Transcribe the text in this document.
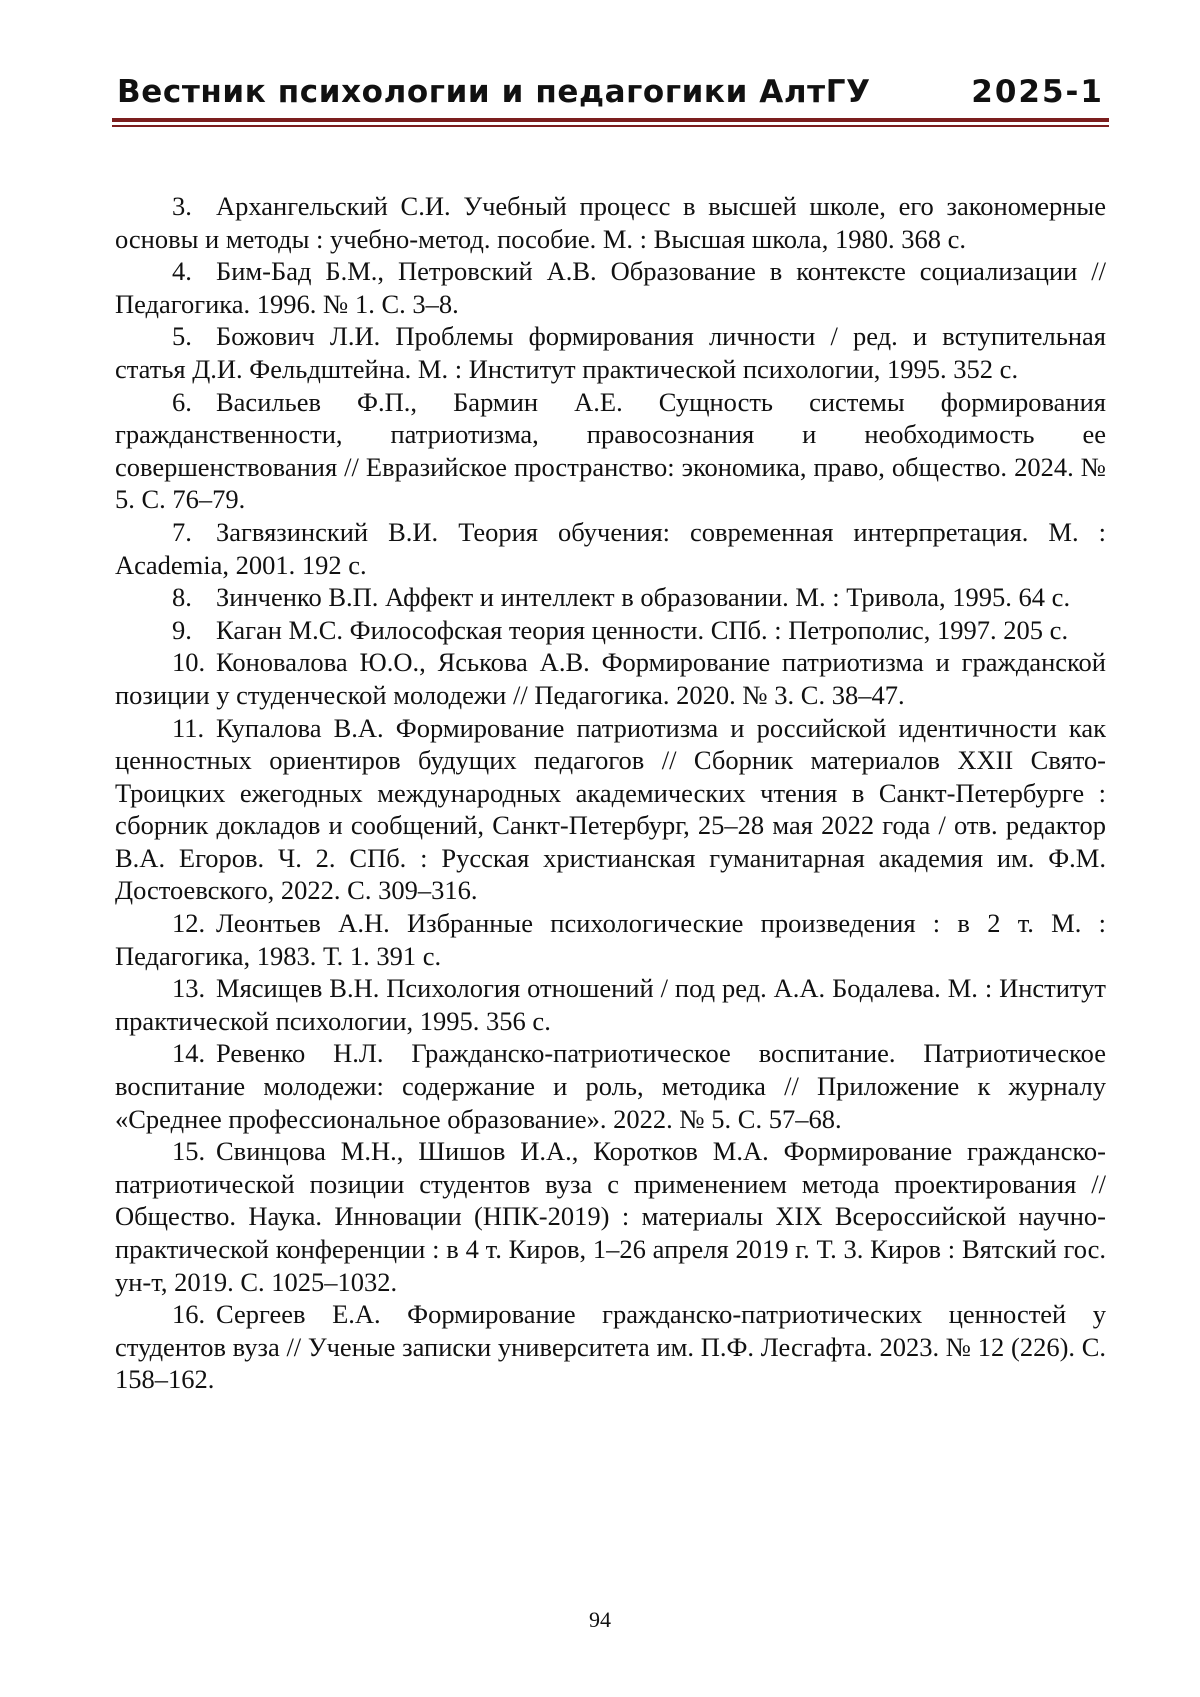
Вестник психологии и педагогики АлтГУ	2025-1
3. Архангельский С.И. Учебный процесс в высшей школе, его закономерные основы и методы : учебно-метод. пособие. М. : Высшая школа, 1980. 368 с.
4. Бим-Бад Б.М., Петровский А.В. Образование в контексте социализации // Педагогика. 1996. № 1. С. 3–8.
5. Божович Л.И. Проблемы формирования личности / ред. и вступительная статья Д.И. Фельдштейна. М. : Институт практической психологии, 1995. 352 с.
6. Васильев Ф.П., Бармин А.Е. Сущность системы формирования гражданственности, патриотизма, правосознания и необходимость ее совершенствования // Евразийское пространство: экономика, право, общество. 2024. № 5. С. 76–79.
7. Загвязинский В.И. Теория обучения: современная интерпретация. М. : Academia, 2001. 192 с.
8. Зинченко В.П. Аффект и интеллект в образовании. М. : Тривола, 1995. 64 с.
9. Каган М.С. Философская теория ценности. СПб. : Петрополис, 1997. 205 с.
10. Коновалова Ю.О., Яськова А.В. Формирование патриотизма и гражданской позиции у студенческой молодежи // Педагогика. 2020. № 3. С. 38–47.
11. Купалова В.А. Формирование патриотизма и российской идентичности как ценностных ориентиров будущих педагогов // Сборник материалов XXII Свято-Троицких ежегодных международных академических чтения в Санкт-Петербурге : сборник докладов и сообщений, Санкт-Петербург, 25–28 мая 2022 года / отв. редактор В.А. Егоров. Ч. 2. СПб. : Русская христианская гуманитарная академия им. Ф.М. Достоевского, 2022. С. 309–316.
12. Леонтьев А.Н. Избранные психологические произведения : в 2 т. М. : Педагогика, 1983. Т. 1. 391 с.
13. Мясищев В.Н. Психология отношений / под ред. А.А. Бодалева. М. : Институт практической психологии, 1995. 356 с.
14. Ревенко Н.Л. Гражданско-патриотическое воспитание. Патриотическое воспитание молодежи: содержание и роль, методика // Приложение к журналу «Среднее профессиональное образование». 2022. № 5. С. 57–68.
15. Свинцова М.Н., Шишов И.А., Коротков М.А. Формирование гражданско-патриотической позиции студентов вуза с применением метода проектирования // Общество. Наука. Инновации (НПК-2019) : материалы XIX Всероссийской научно-практической конференции : в 4 т. Киров, 1–26 апреля 2019 г. Т. 3. Киров : Вятский гос. ун-т, 2019. С. 1025–1032.
16. Сергеев Е.А. Формирование гражданско-патриотических ценностей у студентов вуза // Ученые записки университета им. П.Ф. Лесгафта. 2023. № 12 (226). С. 158–162.
94
